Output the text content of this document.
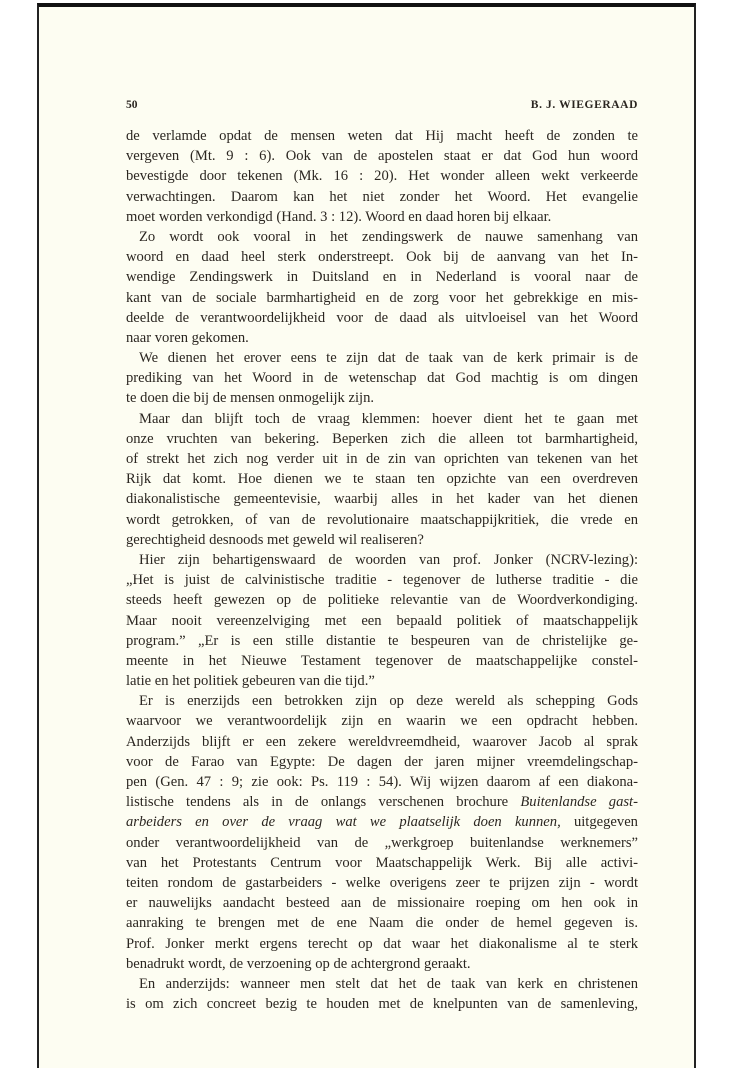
50	B. J. WIEGERAAD
de verlamde opdat de mensen weten dat Hij macht heeft de zonden te
vergeven (Mt. 9 : 6). Ook van de apostelen staat er dat God hun woord
bevestigde door tekenen (Mk. 16 : 20). Het wonder alleen wekt verkeerde
verwachtingen. Daarom kan het niet zonder het Woord. Het evangelie
moet worden verkondigd (Hand. 3 : 12). Woord en daad horen bij elkaar.
Zo wordt ook vooral in het zendingswerk de nauwe samenhang van
woord en daad heel sterk onderstreept. Ook bij de aanvang van het In-
wendige Zendingswerk in Duitsland en in Nederland is vooral naar de
kant van de sociale barmhartigheid en de zorg voor het gebrekkige en mis-
deelde de verantwoordelijkheid voor de daad als uitvloeisel van het Woord
naar voren gekomen.
We dienen het erover eens te zijn dat de taak van de kerk primair is de
prediking van het Woord in de wetenschap dat God machtig is om dingen
te doen die bij de mensen onmogelijk zijn.
Maar dan blijft toch de vraag klemmen: hoever dient het te gaan met
onze vruchten van bekering. Beperken zich die alleen tot barmhartigheid,
of strekt het zich nog verder uit in de zin van oprichten van tekenen van het
Rijk dat komt. Hoe dienen we te staan ten opzichte van een overdreven
diakonalistische gemeentevisie, waarbij alles in het kader van het dienen
wordt getrokken, of van de revolutionaire maatschappijkritiek, die vrede en
gerechtigheid desnoods met geweld wil realiseren?
Hier zijn behartigenswaard de woorden van prof. Jonker (NCRV-lezing):
„Het is juist de calvinistische traditie - tegenover de lutherse traditie - die
steeds heeft gewezen op de politieke relevantie van de Woordverkondiging.
Maar nooit vereenzelviging met een bepaald politiek of maatschappelijk
program.” „Er is een stille distantie te bespeuren van de christelijke ge-
meente in het Nieuwe Testament tegenover de maatschappelijke constel-
latie en het politiek gebeuren van die tijd.”
Er is enerzijds een betrokken zijn op deze wereld als schepping Gods
waarvoor we verantwoordelijk zijn en waarin we een opdracht hebben.
Anderzijds blijft er een zekere wereldvreemdheid, waarover Jacob al sprak
voor de Farao van Egypte: De dagen der jaren mijner vreemdelingschap-
pen (Gen. 47 : 9; zie ook: Ps. 119 : 54). Wij wijzen daarom af een diakona-
listische tendens als in de onlangs verschenen brochure Buitenlandse gast-
arbeiders en over de vraag wat we plaatselijk doen kunnen, uitgegeven
onder verantwoordelijkheid van de „werkgroep buitenlandse werknemers”
van het Protestants Centrum voor Maatschappelijk Werk. Bij alle activi-
teiten rondom de gastarbeiders - welke overigens zeer te prijzen zijn - wordt
er nauwelijks aandacht besteed aan de missionaire roeping om hen ook in
aanraking te brengen met de ene Naam die onder de hemel gegeven is.
Prof. Jonker merkt ergens terecht op dat waar het diakonalisme al te sterk
benadrukt wordt, de verzoening op de achtergrond geraakt.
En anderzijds: wanneer men stelt dat het de taak van kerk en christenen
is om zich concreet bezig te houden met de knelpunten van de samenleving,
